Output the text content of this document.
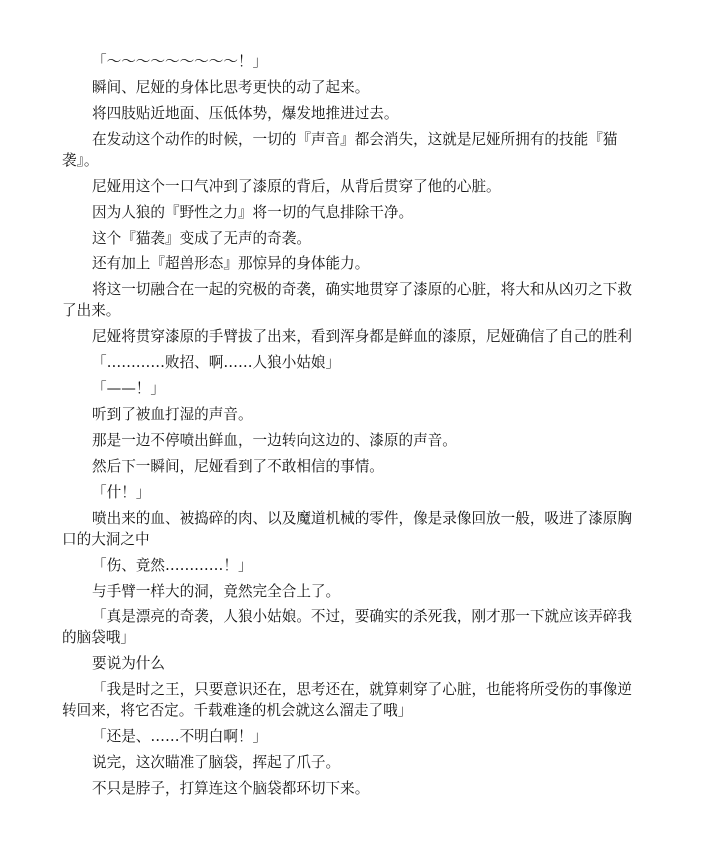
「～～～～～～～～～！」

瞬间、尼娅的身体比思考更快的动了起来。

将四肢贴近地面、压低体势，爆发地推进过去。

在发动这个动作的时候，一切的『声音』都会消失，这就是尼娅所拥有的技能『猫袭』。

尼娅用这个一口气冲到了漆原的背后，从背后贯穿了他的心脏。

因为人狼的『野性之力』将一切的气息排除干净。

这个『猫袭』变成了无声的奇袭。

还有加上『超兽形态』那惊异的身体能力。

将这一切融合在一起的究极的奇袭，确实地贯穿了漆原的心脏，将大和从凶刃之下救了出来。

尼娅将贯穿漆原的手臂拔了出来，看到浑身都是鲜血的漆原，尼娅确信了自己的胜利

「…………败招、啊……人狼小姑娘」

「——！」

听到了被血打湿的声音。

那是一边不停喷出鲜血，一边转向这边的、漆原的声音。

然后下一瞬间，尼娅看到了不敢相信的事情。

「什！」

喷出来的血、被捣碎的肉、以及魔道机械的零件，像是录像回放一般，吸进了漆原胸口的大洞之中

「伤、竟然…………！」

与手臂一样大的洞，竟然完全合上了。

「真是漂亮的奇袭，人狼小姑娘。不过，要确实的杀死我，刚才那一下就应该弄碎我的脑袋哦」

要说为什么

「我是时之王，只要意识还在，思考还在，就算刺穿了心脏，也能将所受伤的事像逆转回来，将它否定。千载难逢的机会就这么溜走了哦」

「还是、……不明白啊！」

说完，这次瞄准了脑袋，挥起了爪子。

不只是脖子，打算连这个脑袋都环切下来。
